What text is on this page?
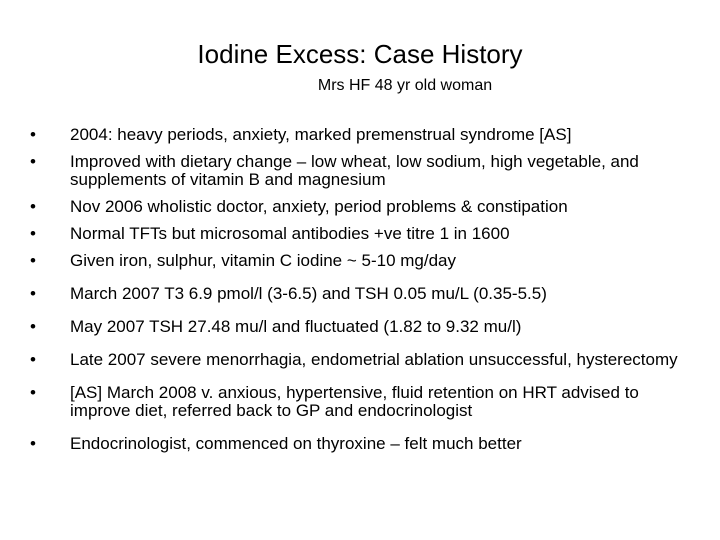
Iodine Excess: Case History
Mrs HF 48 yr old woman
•	2004: heavy periods, anxiety, marked premenstrual syndrome [AS]
•	Improved with dietary change – low wheat, low sodium, high vegetable, and supplements of vitamin B and magnesium
•	Nov 2006 wholistic doctor, anxiety, period problems & constipation
•	Normal TFTs but microsomal antibodies +ve titre 1 in 1600
•	Given iron, sulphur, vitamin C iodine ~ 5-10 mg/day
•	March 2007 T3 6.9 pmol/l (3-6.5) and TSH 0.05 mu/L (0.35-5.5)
•	May 2007 TSH 27.48 mu/l and fluctuated (1.82 to 9.32 mu/l)
•	Late 2007 severe menorrhagia, endometrial ablation unsuccessful, hysterectomy
•	[AS] March 2008 v. anxious, hypertensive, fluid retention on HRT advised to improve diet, referred back to GP and endocrinologist
•	Endocrinologist, commenced on thyroxine – felt much better
